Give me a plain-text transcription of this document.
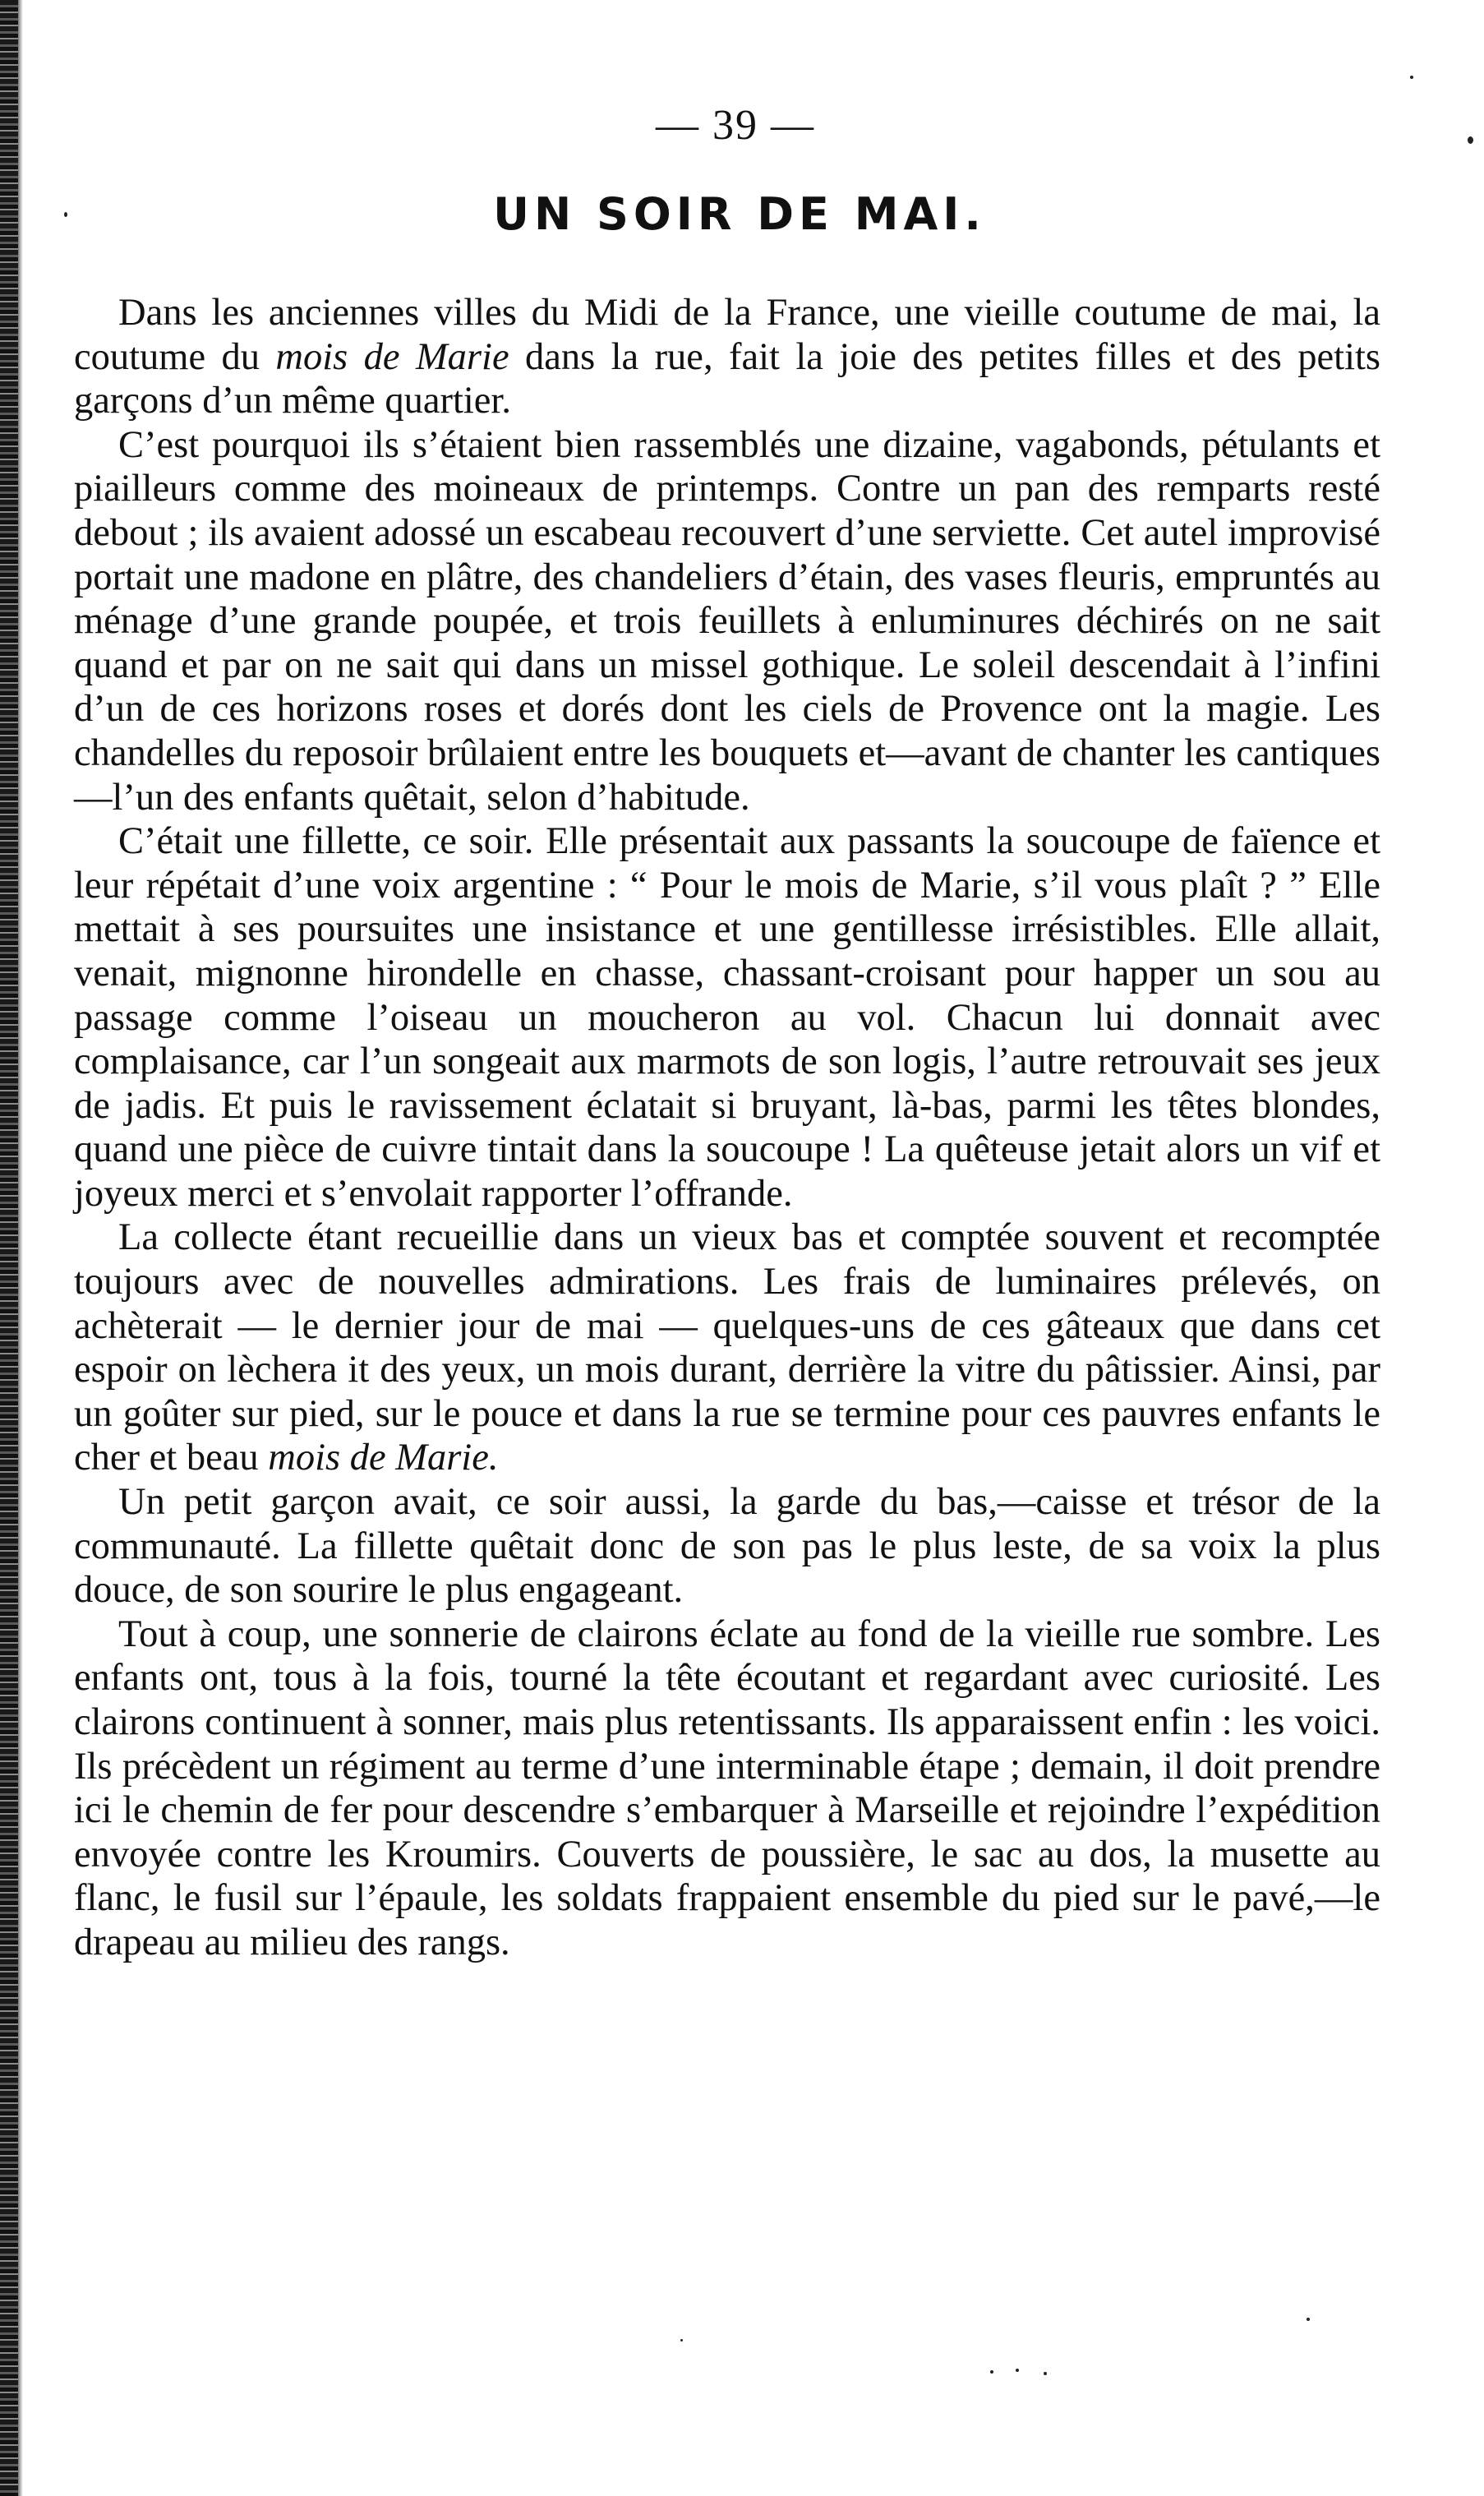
— 39 —
UN SOIR DE MAI.

Dans les anciennes villes du Midi de la France, une vieille coutume de mai, la coutume du mois de Marie dans la rue, fait la joie des petites filles et des petits garçons d’un même quartier.

C’est pourquoi ils s’étaient bien rassemblés une dizaine, vagabonds, pétulants et piailleurs comme des moineaux de printemps. Contre un pan des remparts resté debout ; ils avaient adossé un escabeau recouvert d’une serviette. Cet autel improvisé portait une madone en plâtre, des chandeliers d’étain, des vases fleuris, empruntés au ménage d’une grande poupée, et trois feuillets à enluminures déchirés on ne sait quand et par on ne sait qui dans un missel gothique. Le soleil descendait à l’infini d’un de ces horizons roses et dorés dont les ciels de Provence ont la magie. Les chandelles du reposoir brûlaient entre les bouquets et—avant de chanter les cantiques—l’un des enfants quêtait, selon d’habitude.

C’était une fillette, ce soir. Elle présentait aux passants la soucoupe de faïence et leur répétait d’une voix argentine : “ Pour le mois de Marie, s’il vous plaît ? ” Elle mettait à ses poursuites une insistance et une gentillesse irrésistibles. Elle allait, venait, mignonne hirondelle en chasse, chassant-croisant pour happer un sou au passage comme l’oiseau un moucheron au vol. Chacun lui donnait avec complaisance, car l’un songeait aux marmots de son logis, l’autre retrouvait ses jeux de jadis. Et puis le ravissement éclatait si bruyant, là-bas, parmi les têtes blondes, quand une pièce de cuivre tintait dans la soucoupe ! La quêteuse jetait alors un vif et joyeux merci et s’envolait rapporter l’offrande.

La collecte étant recueillie dans un vieux bas et comptée souvent et recomptée toujours avec de nouvelles admirations. Les frais de luminaires prélevés, on achèterait — le dernier jour de mai — quelques-uns de ces gâteaux que dans cet espoir on lèchera it des yeux, un mois durant, derrière la vitre du pâtissier. Ainsi, par un goûter sur pied, sur le pouce et dans la rue se termine pour ces pauvres enfants le cher et beau mois de Marie.

Un petit garçon avait, ce soir aussi, la garde du bas,—caisse et trésor de la communauté. La fillette quêtait donc de son pas le plus leste, de sa voix la plus douce, de son sourire le plus engageant.

Tout à coup, une sonnerie de clairons éclate au fond de la vieille rue sombre. Les enfants ont, tous à la fois, tourné la tête écoutant et regardant avec curiosité. Les clairons continuent à sonner, mais plus retentissants. Ils apparaissent enfin : les voici. Ils précèdent un régiment au terme d’une interminable étape ; demain, il doit prendre ici le chemin de fer pour descendre s’embarquer à Marseille et rejoindre l’expédition envoyée contre les Kroumirs. Couverts de poussière, le sac au dos, la musette au flanc, le fusil sur l’épaule, les soldats frappaient ensemble du pied sur le pavé,—le drapeau au milieu des rangs.
